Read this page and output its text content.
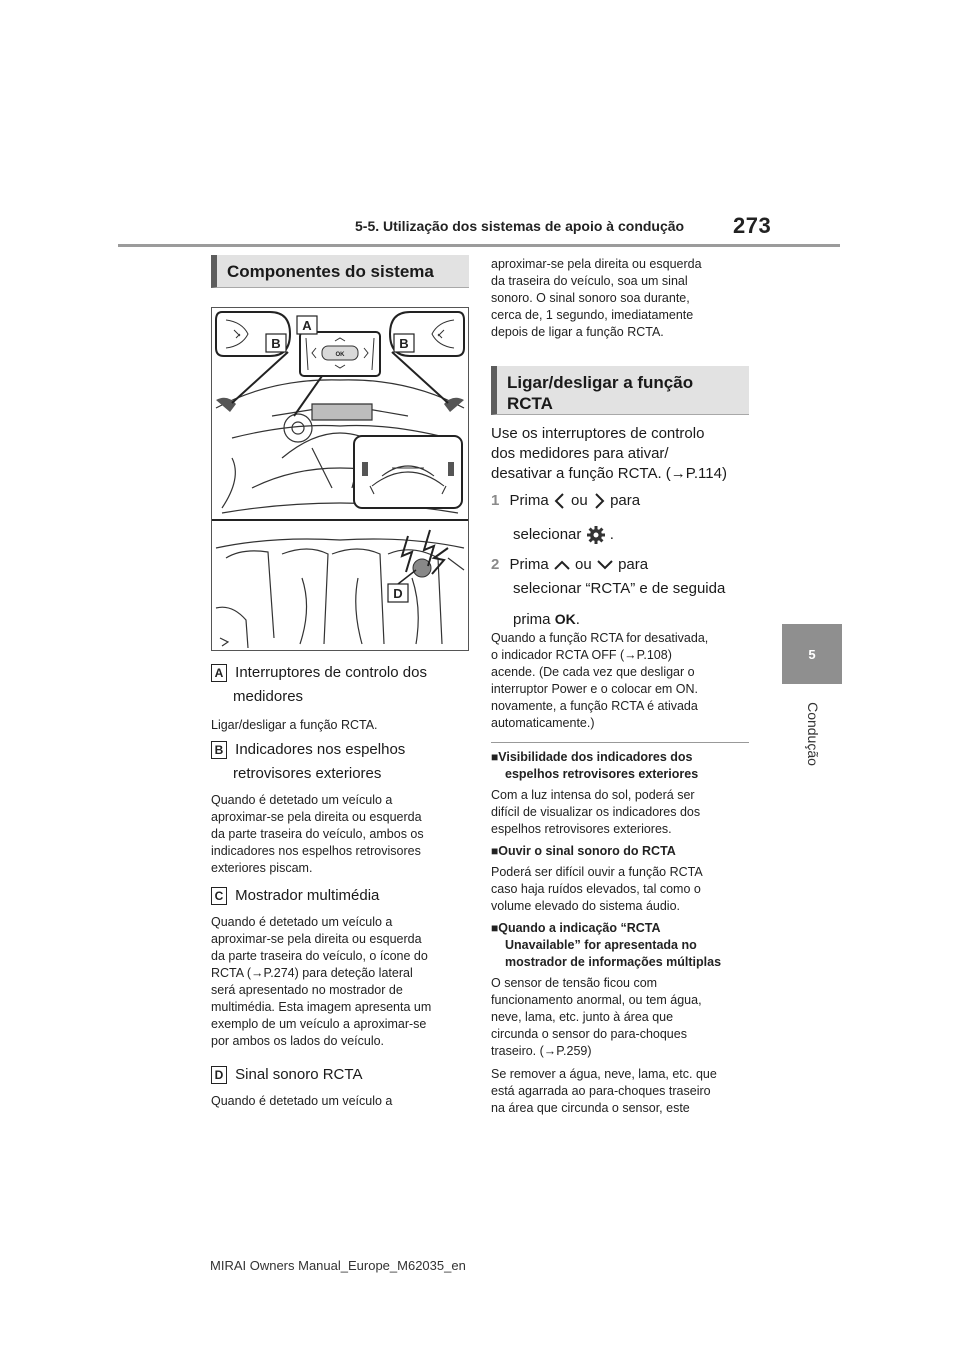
5-5. Utilização dos sistemas de apoio à condução 273
5
Condução
Componentes do sistema
A
B	B
D
OK
A Interruptores de controlo dos
medidores
Ligar/desligar a função RCTA.
B Indicadores nos espelhos
retrovisores exteriores
Quando é detetado um veículo a
aproximar-se pela direita ou esquerda
da parte traseira do veículo, ambos os
indicadores nos espelhos retrovisores
exteriores piscam.
C Mostrador multimédia
Quando é detetado um veículo a
aproximar-se pela direita ou esquerda
da parte traseira do veículo, o ícone do
RCTA (→P.274) para deteção lateral
será apresentado no mostrador de
multimédia. Esta imagem apresenta um
exemplo de um veículo a aproximar-se
por ambos os lados do veículo.
D Sinal sonoro RCTA
Quando é detetado um veículo a
aproximar-se pela direita ou esquerda
da traseira do veículo, soa um sinal
sonoro. O sinal sonoro soa durante,
cerca de, 1 segundo, imediatamente
depois de ligar a função RCTA.
Ligar/desligar a função
RCTA
Use os interruptores de controlo
dos medidores para ativar/
desativar a função RCTA. (→P.114)
1 Prima ou para
selecionar .
2 Prima ou para
selecionar “RCTA” e de seguida
prima OK.
Quando a função RCTA for desativada,
o indicador RCTA OFF (→P.108)
acende. (De cada vez que desligar o
interruptor Power e o colocar em ON.
novamente, a função RCTA é ativada
automaticamente.)
■Visibilidade dos indicadores dos
espelhos retrovisores exteriores
Com a luz intensa do sol, poderá ser
difícil de visualizar os indicadores dos
espelhos retrovisores exteriores.
■Ouvir o sinal sonoro do RCTA
Poderá ser difícil ouvir a função RCTA
caso haja ruídos elevados, tal como o
volume elevado do sistema áudio.
■Quando a indicação “RCTA
Unavailable” for apresentada no
mostrador de informações múltiplas
O sensor de tensão ficou com
funcionamento anormal, ou tem água,
neve, lama, etc. junto à área que
circunda o sensor do para-choques
traseiro. (→P.259)
Se remover a água, neve, lama, etc. que
está agarrada ao para-choques traseiro
na área que circunda o sensor, este
MIRAI Owners Manual_Europe_M62035_en
